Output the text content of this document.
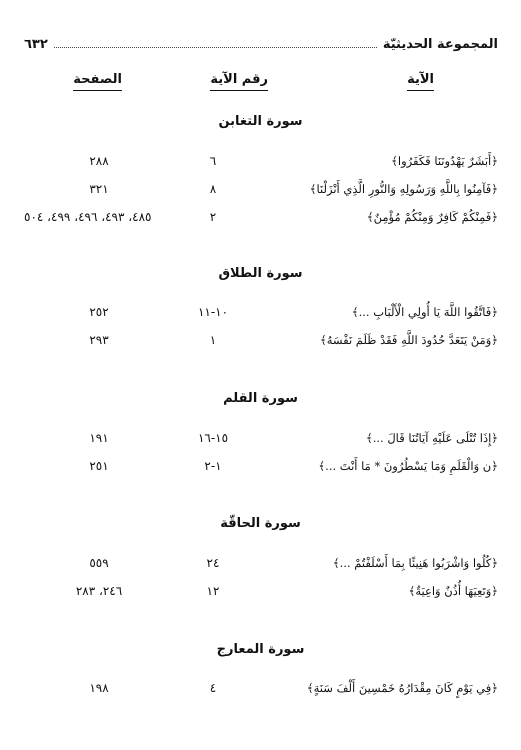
المجموعة الحديثيّة
٦٣٢
الآية
رقم الآية
الصفحة
سورة التغابن
﴿أَبَشَرٌ يَهْدُونَنَا فَكَفَرُوا﴾
٦
٢٨٨
﴿فَآمِنُوا بِاللَّهِ وَرَسُولِهِ وَالنُّورِ الَّذِي أَنْزَلْنَا﴾
٨
٣٢١
﴿فَمِنْكُمْ كَافِرٌ وَمِنْكُمْ مُؤْمِنٌ﴾
٢
٤٨٥، ٤٩٣، ٤٩٦، ٤٩٩، ٥٠٤
سورة الطلاق
﴿فَاتَّقُوا اللَّهَ يَا أُولِي الْأَلْبَابِ ...﴾
١٠-١١
٢٥٢
﴿وَمَنْ يَتَعَدَّ حُدُودَ اللَّهِ فَقَدْ ظَلَمَ نَفْسَهُ﴾
١
٢٩٣
سورة القلم
﴿إِذَا تُتْلَى عَلَيْهِ آيَاتُنَا قَالَ ...﴾
١٥-١٦
١٩١
﴿ن وَالْقَلَمِ وَمَا يَسْطُرُونَ * مَا أَنْتَ ...﴾
١-٢
٢٥١
سورة الحاقّة
﴿كُلُوا وَاشْرَبُوا هَنِيئًا بِمَا أَسْلَفْتُمْ ...﴾
٢٤
٥٥٩
﴿وَتَعِيَهَا أُذُنٌ وَاعِيَةٌ﴾
١٢
٢٤٦، ٢٨٣
سورة المعارج
﴿فِي يَوْمٍ كَانَ مِقْدَارُهُ خَمْسِينَ أَلْفَ سَنَةٍ﴾
٤
١٩٨
